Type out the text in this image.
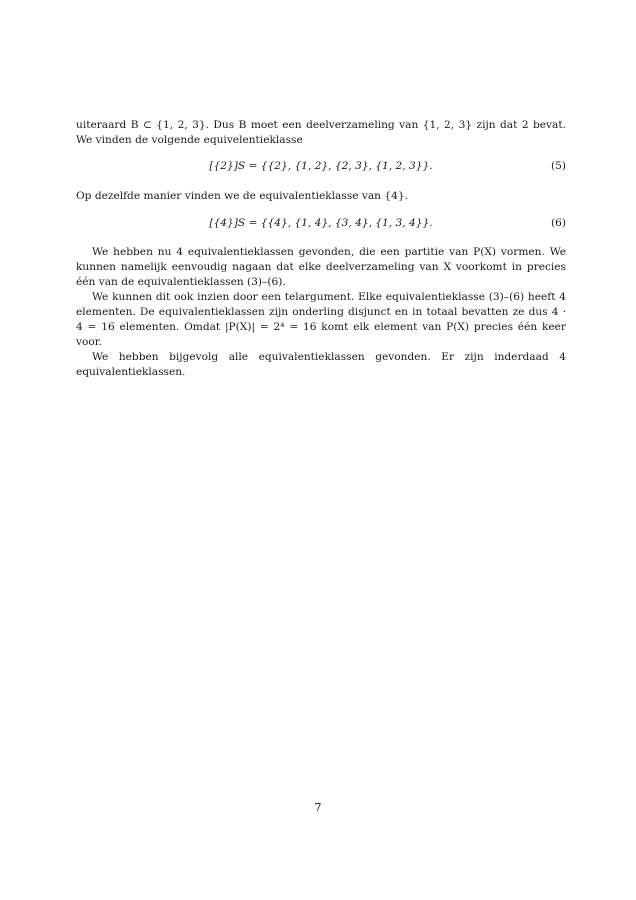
uiteraard B ⊂ {1, 2, 3}. Dus B moet een deelverzameling van {1, 2, 3} zijn dat 2 bevat. We vinden de volgende equivelentieklasse

[{2}]S = {{2}, {1, 2}, {2, 3}, {1, 2, 3}}.	(5)

Op dezelfde manier vinden we de equivalentieklasse van {4}.

[{4}]S = {{4}, {1, 4}, {3, 4}, {1, 3, 4}}.	(6)

We hebben nu 4 equivalentieklassen gevonden, die een partitie van P(X) vormen. We kunnen namelijk eenvoudig nagaan dat elke deelverzameling van X voorkomt in precies één van de equivalentieklassen (3)–(6).

We kunnen dit ook inzien door een telargument. Elke equivalentieklasse (3)–(6) heeft 4 elementen. De equivalentieklassen zijn onderling disjunct en in totaal bevatten ze dus 4 · 4 = 16 elementen. Omdat |P(X)| = 2⁴ = 16 komt elk element van P(X) precies één keer voor.

We hebben bijgevolg alle equivalentieklassen gevonden. Er zijn inderdaad 4 equivalentieklassen.

7
